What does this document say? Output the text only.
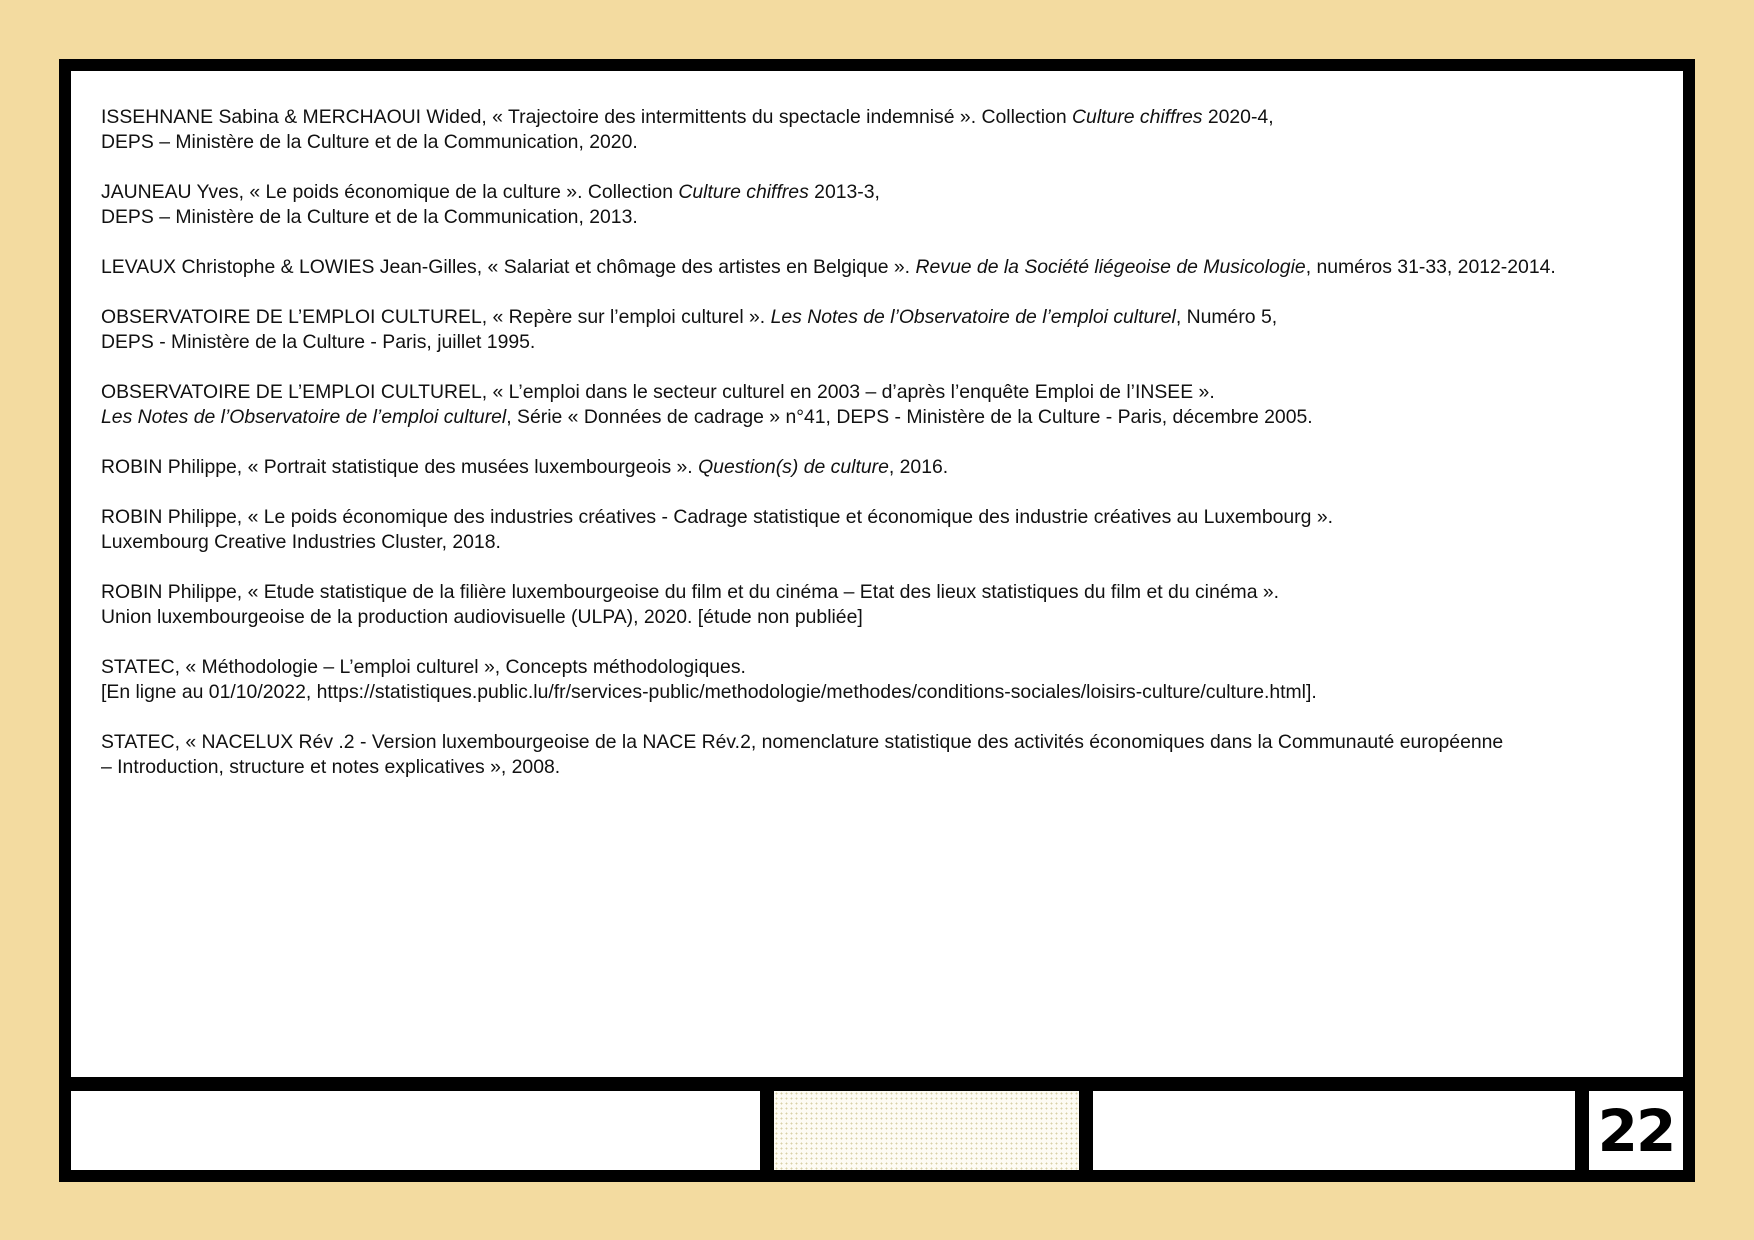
ISSEHNANE Sabina & MERCHAOUI Wided, « Trajectoire des intermittents du spectacle indemnisé ». Collection Culture chiffres 2020-4,
DEPS – Ministère de la Culture et de la Communication, 2020.
JAUNEAU Yves, « Le poids économique de la culture ». Collection Culture chiffres 2013-3,
DEPS – Ministère de la Culture et de la Communication, 2013.
LEVAUX Christophe & LOWIES Jean-Gilles, « Salariat et chômage des artistes en Belgique ». Revue de la Société liégeoise de Musicologie, numéros 31-33, 2012-2014.
OBSERVATOIRE DE L’EMPLOI CULTUREL, « Repère sur l’emploi culturel ». Les Notes de l’Observatoire de l’emploi culturel, Numéro 5,
DEPS - Ministère de la Culture - Paris, juillet 1995.
OBSERVATOIRE DE L’EMPLOI CULTUREL, « L’emploi dans le secteur culturel en 2003 – d’après l’enquête Emploi de l’INSEE ».
Les Notes de l’Observatoire de l’emploi culturel, Série « Données de cadrage » n°41, DEPS - Ministère de la Culture - Paris, décembre 2005.
ROBIN Philippe, « Portrait statistique des musées luxembourgeois ». Question(s) de culture, 2016.
ROBIN Philippe, « Le poids économique des industries créatives - Cadrage statistique et économique des industrie créatives au Luxembourg ».
Luxembourg Creative Industries Cluster, 2018.
ROBIN Philippe, « Etude statistique de la filière luxembourgeoise du film et du cinéma – Etat des lieux statistiques du film et du cinéma ».
Union luxembourgeoise de la production audiovisuelle (ULPA), 2020. [étude non publiée]
STATEC, « Méthodologie – L’emploi culturel », Concepts méthodologiques.
[En ligne au 01/10/2022, https://statistiques.public.lu/fr/services-public/methodologie/methodes/conditions-sociales/loisirs-culture/culture.html].
STATEC, « NACELUX Rév .2 - Version luxembourgeoise de la NACE Rév.2, nomenclature statistique des activités économiques dans la Communauté européenne
– Introduction, structure et notes explicatives », 2008.
22
